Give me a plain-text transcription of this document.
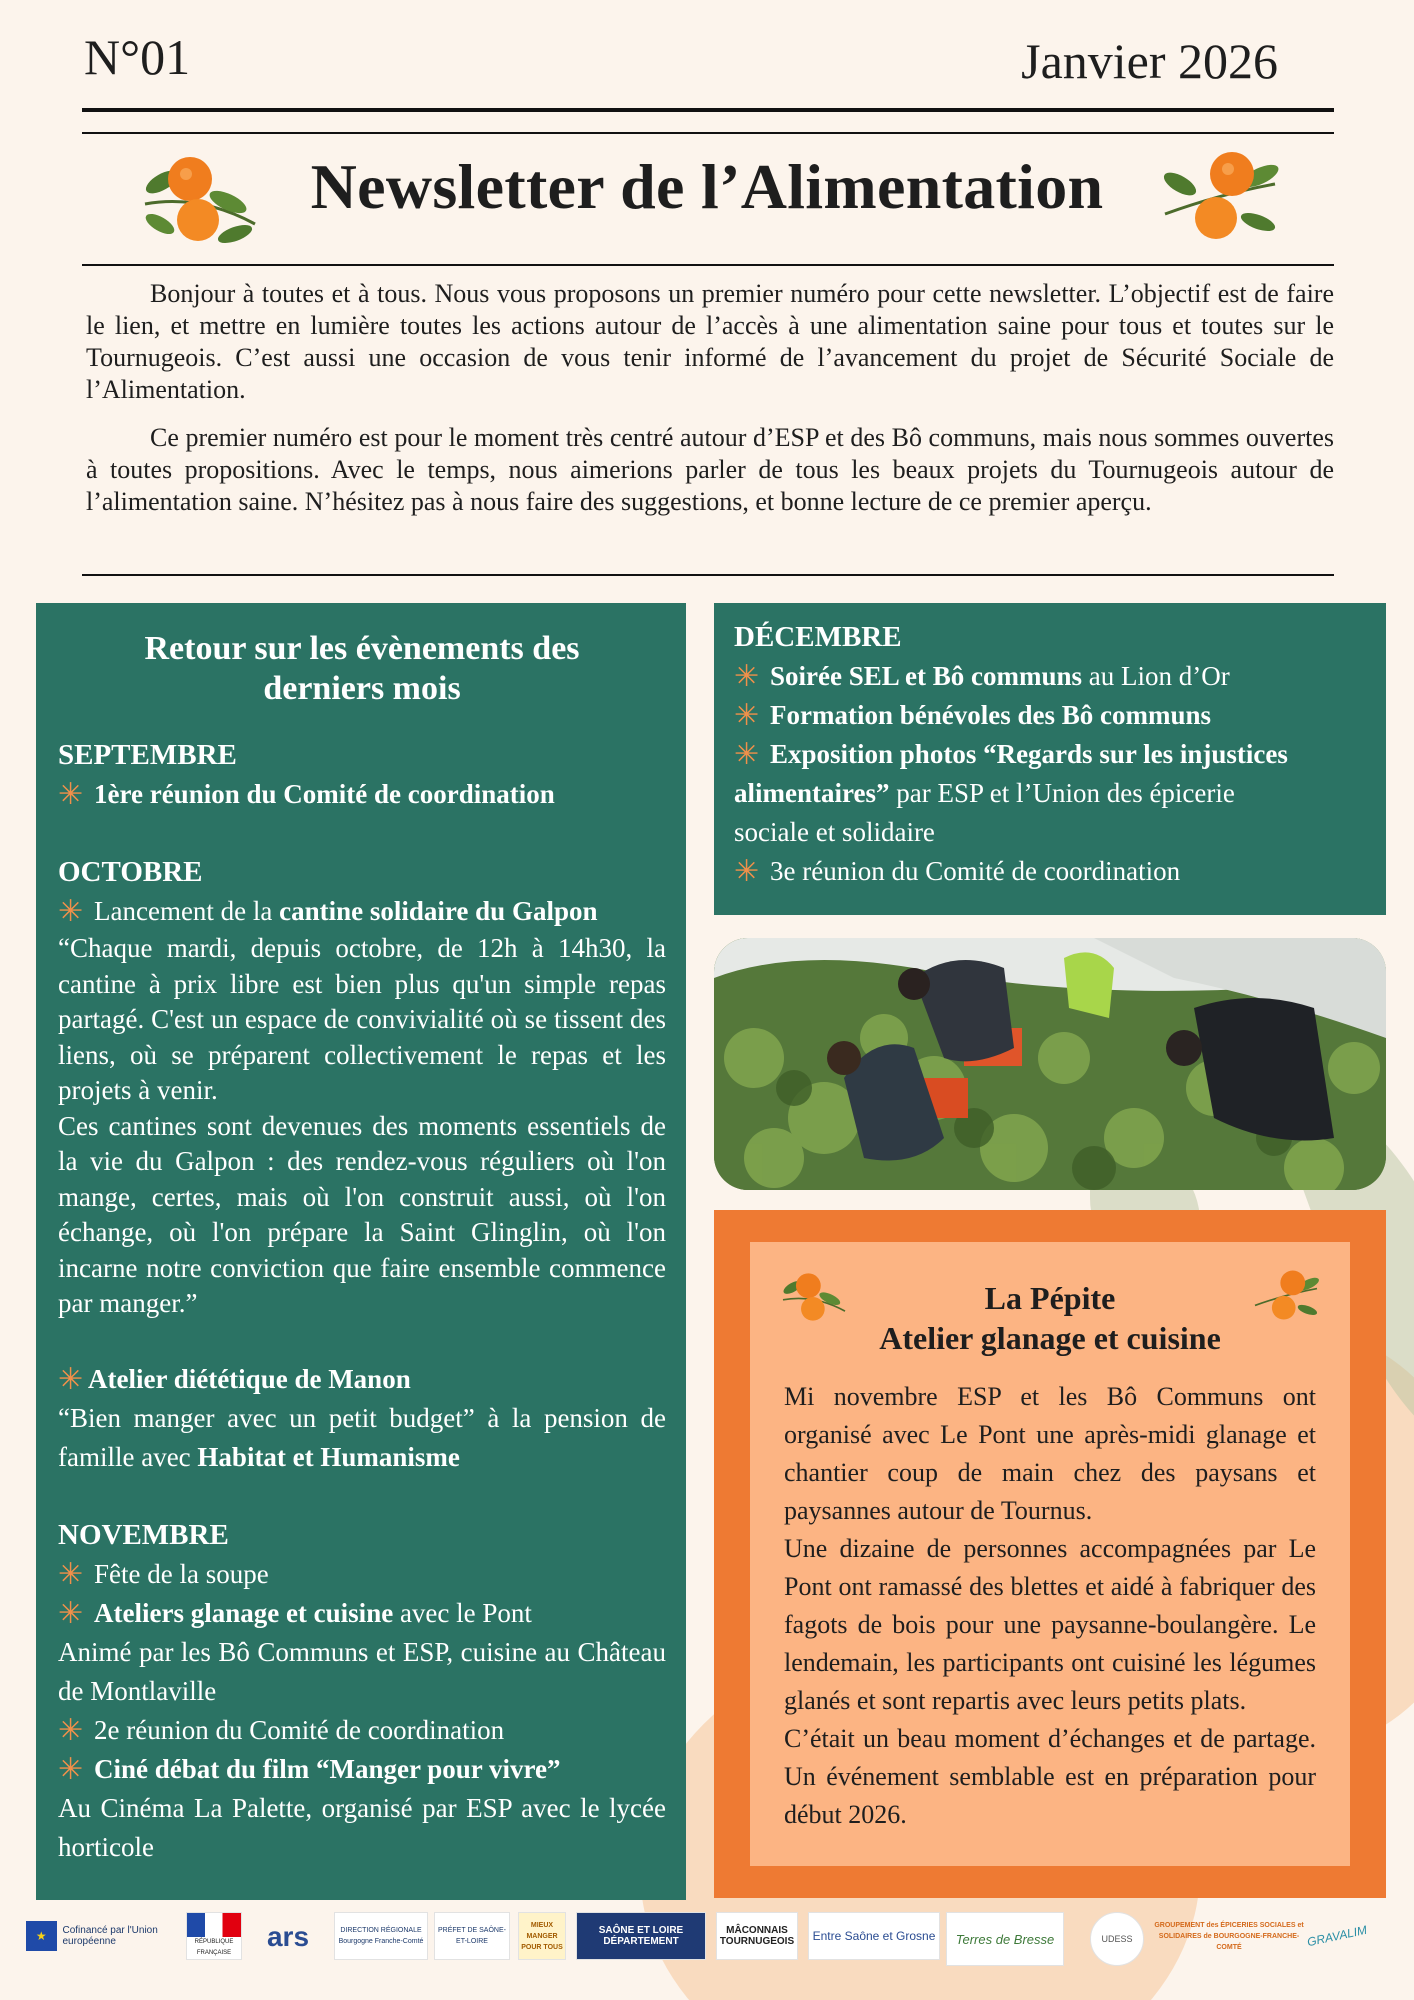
N°01	Janvier 2026
Newsletter de l’Alimentation

Bonjour à toutes et à tous. Nous vous proposons un premier numéro pour cette newsletter. L’objectif est de faire le lien, et mettre en lumière toutes les actions autour de l’accès à une alimentation saine pour tous et toutes sur le Tournugeois. C’est aussi une occasion de vous tenir informé de l’avancement du projet de Sécurité Sociale de l’Alimentation.

Ce premier numéro est pour le moment très centré autour d’ESP et des Bô communs, mais nous sommes ouvertes à toutes propositions. Avec le temps, nous aimerions parler de tous les beaux projets du Tournugeois autour de l’alimentation saine. N’hésitez pas à nous faire des suggestions, et bonne lecture de ce premier aperçu.

Retour sur les évènements des
derniers mois
SEPTEMBRE
✳ 1ère réunion du Comité de coordination
OCTOBRE
✳ Lancement de la cantine solidaire du Galpon
“Chaque mardi, depuis octobre, de 12h à 14h30, la cantine à prix libre est bien plus qu'un simple repas partagé. C'est un espace de convivialité où se tissent des liens, où se préparent collectivement le repas et les projets à venir.
Ces cantines sont devenues des moments essentiels de la vie du Galpon : des rendez-vous réguliers où l'on mange, certes, mais où l'on construit aussi, où l'on échange, où l'on prépare la Saint Glinglin, où l'on incarne notre conviction que faire ensemble commence par manger.”
✳ Atelier diététique de Manon
“Bien manger avec un petit budget” à la pension de famille avec Habitat et Humanisme
NOVEMBRE
✳ Fête de la soupe
✳ Ateliers glanage et cuisine avec le Pont
Animé par les Bô Communs et ESP, cuisine au Château de Montlaville
✳ 2e réunion du Comité de coordination
✳ Ciné débat du film “Manger pour vivre”
Au Cinéma La Palette, organisé par ESP avec le lycée horticole
DÉCEMBRE
✳ Soirée SEL et Bô communs au Lion d’Or
✳ Formation bénévoles des Bô communs
✳ Exposition photos “Regards sur les injustices
alimentaires” par ESP et l’Union des épicerie
sociale et solidaire
✳ 3e réunion du Comité de coordination
La Pépite
Atelier glanage et cuisine
Mi novembre ESP et les Bô Communs ont organisé avec Le Pont une après-midi glanage et chantier coup de main chez des paysans et paysannes autour de Tournus.
Une dizaine de personnes accompagnées par Le Pont ont ramassé des blettes et aidé à fabriquer des fagots de bois pour une paysanne-boulangère. Le lendemain, les participants ont cuisiné les légumes glanés et sont repartis avec leurs petits plats.
C’était un beau moment d’échanges et de partage. Un événement semblable est en préparation pour début 2026.
★	Cofinancé par l'Union européenne	RÉPUBLIQUE FRANÇAISE
ars	DIRECTION RÉGIONALE Bourgogne Franche-Comté
PRÉFET DE SAÔNE-ET-LOIRE
MIEUX MANGER POUR TOUS
SAÔNE ET LOIRE DÉPARTEMENT
MÂCONNAIS TOURNUGEOIS Entre Saône et Grosne Terres de Bresse	UDESS
GROUPEMENT des ÉPICERIES SOCIALES et SOLIDAIRES de BOURGOGNE-FRANCHE-COMTÉ	GRAVALIM
